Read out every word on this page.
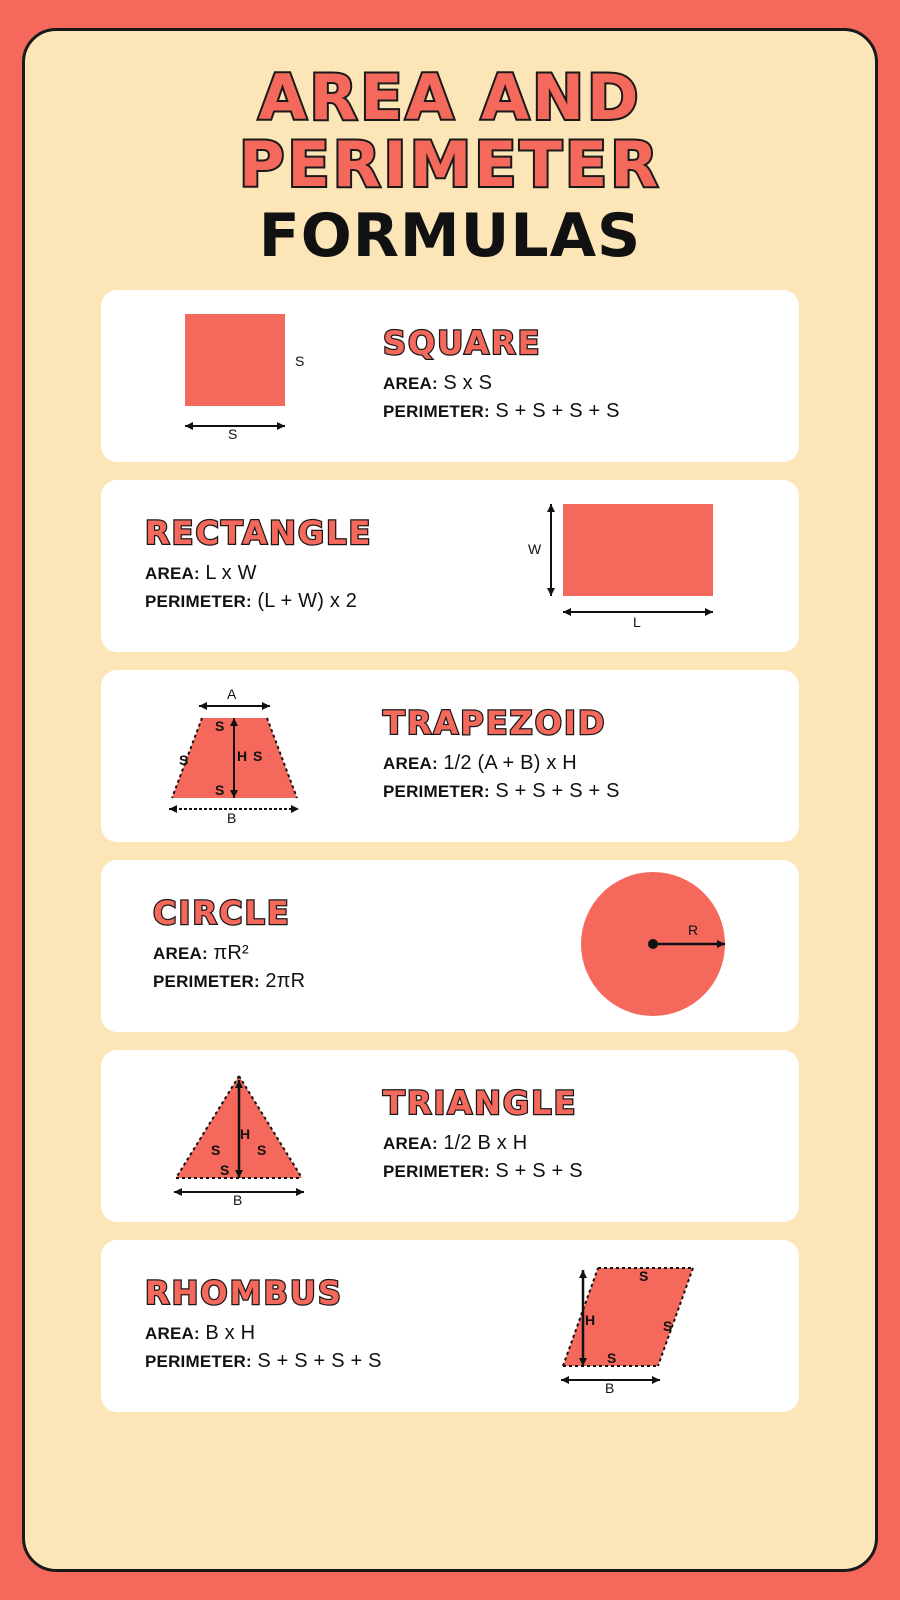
AREA AND
PERIMETER
FORMULAS
S
S
SQUARE
AREA: S x S
PERIMETER: S + S + S + S
RECTANGLE
AREA: L x W
PERIMETER: (L + W) x 2
W
L
A
B
H
S
S
S
S
TRAPEZOID
AREA: 1/2 (A + B) x H
PERIMETER: S + S + S + S
CIRCLE
AREA: πR²
PERIMETER: 2πR
R
H
B
S	S
S
TRIANGLE
AREA: 1/2 B x H
PERIMETER: S + S + S
RHOMBUS
AREA: B x H
PERIMETER: S + S + S + S
H
B
S
S
S
